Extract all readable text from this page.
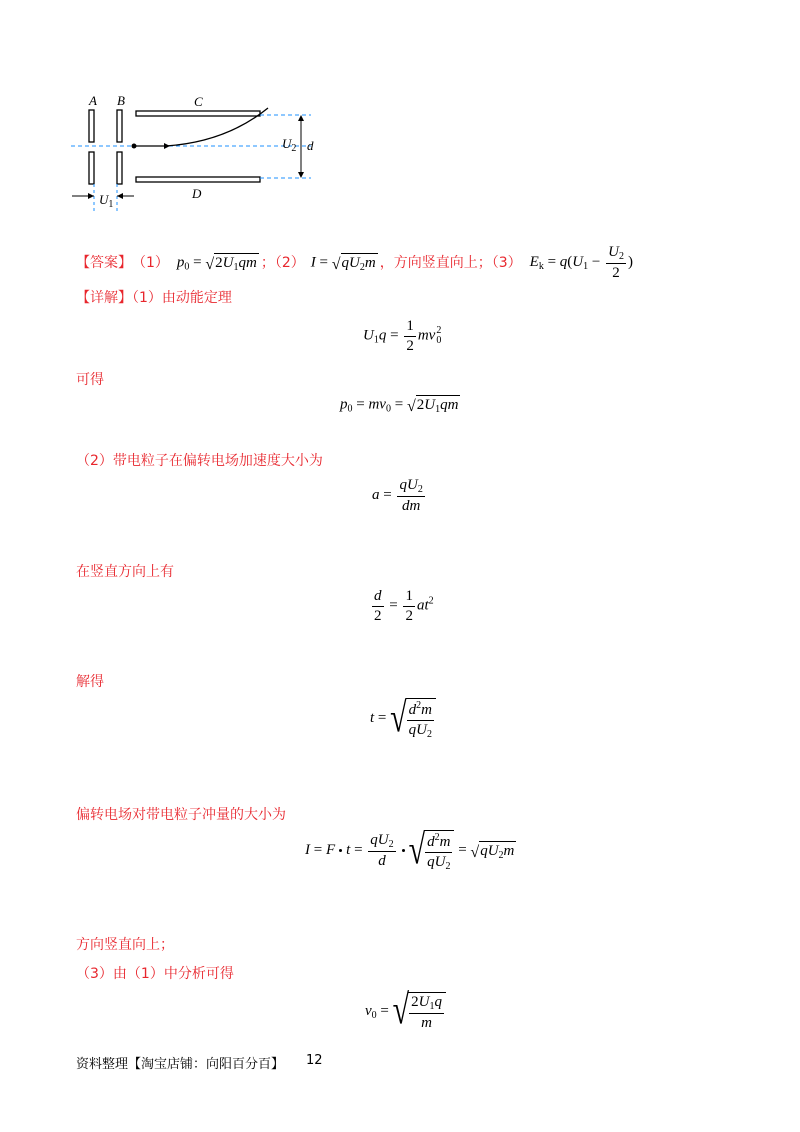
A B	C
D
d
$U_2$
$U_1$
【答案】 （1） $p_0$ = √ $2U_1qm$ ；（2） I = √ $qU_2m$ ，方向竖直向上；（3） $E_k = q(U_1 - \frac{U_2}{2}$ )
【详解】（1）由动能定理
$U_1q = \frac{1}{2}$ mv 2
0
可得
$p_0 = mv_0$ = √ $2U_1qm$
（2）带电粒子在偏转电场加速度大小为
$a = \frac{qU_2}{dm}$
在竖直方向上有
$\frac{d}{2} = \frac{1}{2} at^2$
解得
t = √ $\frac{d^2m}{qU_2}$
偏转电场对带电粒子冲量的大小为
I = F $t = \frac{qU_2}{d}$ √ $\frac{d^2m}{qU_2}$ = √ $qU_2m$
方向竖直向上；
（3）由（1）中分析可得
$v_0$ = √ $\frac{2U_1q}{m}$
资料整理【淘宝店铺：向阳百分百】 12
